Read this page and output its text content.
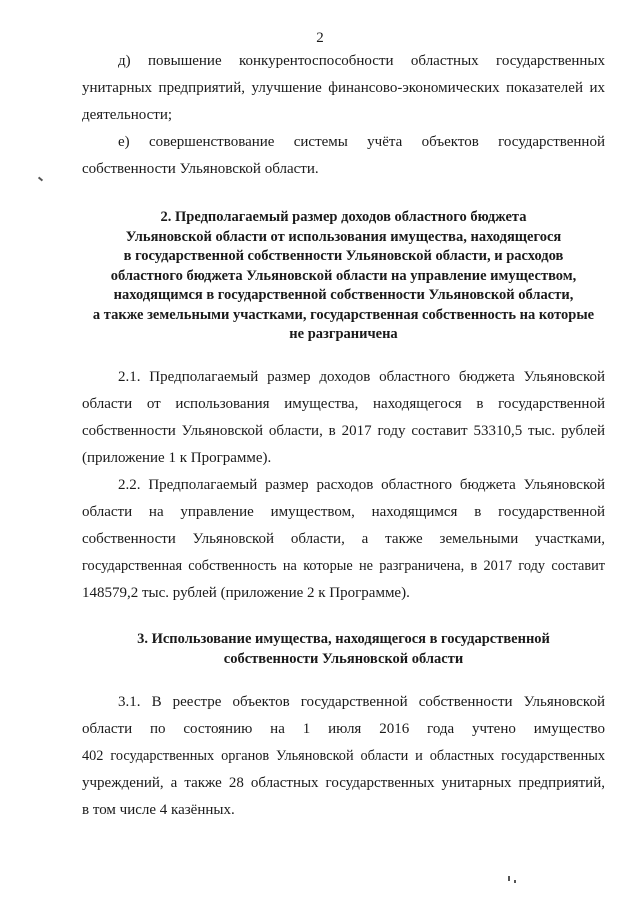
2
д) повышение конкурентоспособности областных государственных
унитарных предприятий, улучшение финансово-экономических показателей их
деятельности;
е) совершенствование системы учёта объектов государственной
собственности Ульяновской области.
2. Предполагаемый размер доходов областного бюджета
Ульяновской области от использования имущества, находящегося
в государственной собственности Ульяновской области, и расходов
областного бюджета Ульяновской области на управление имуществом,
находящимся в государственной собственности Ульяновской области,
а также земельными участками, государственная собственность на которые
не разграничена
2.1. Предполагаемый размер доходов областного бюджета Ульяновской
области от использования имущества, находящегося в государственной
собственности Ульяновской области, в 2017 году составит 53310,5 тыс. рублей
(приложение 1 к Программе).
2.2. Предполагаемый размер расходов областного бюджета Ульяновской
области на управление имуществом, находящимся в государственной
собственности Ульяновской области, а также земельными участками,
государственная собственность на которые не разграничена, в 2017 году составит
148579,2 тыс. рублей (приложение 2 к Программе).
3. Использование имущества, находящегося в государственной
собственности Ульяновской области
3.1. В реестре объектов государственной собственности Ульяновской
области по состоянию на 1 июля 2016 года учтено имущество
402 государственных органов Ульяновской области и областных государственных
учреждений, а также 28 областных государственных унитарных предприятий,
в том числе 4 казённых.
